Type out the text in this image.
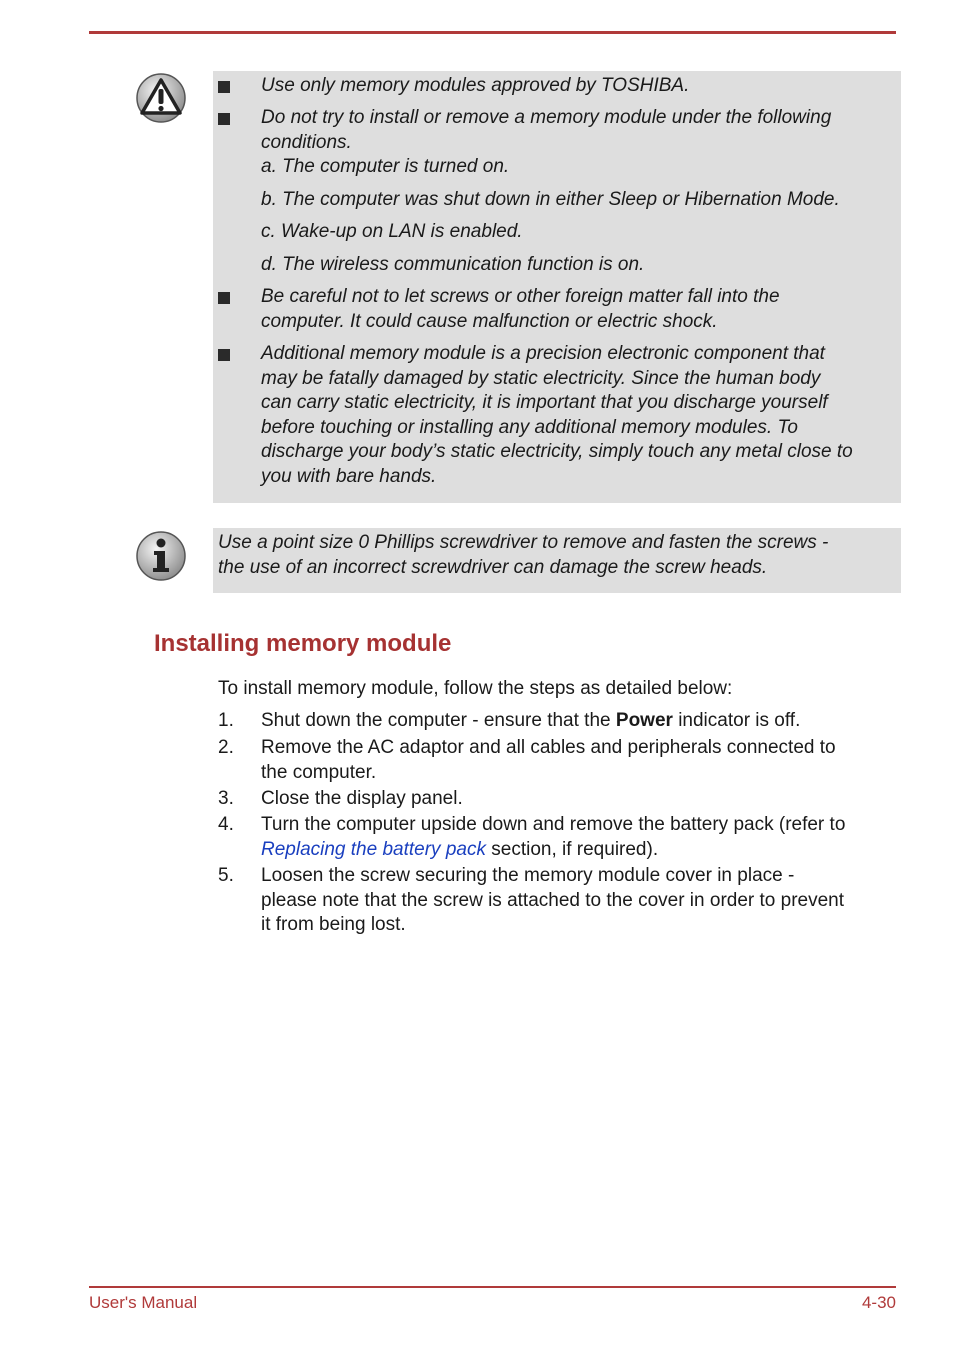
Use only memory modules approved by TOSHIBA.
Do not try to install or remove a memory module under the following
conditions.
a. The computer is turned on.
b. The computer was shut down in either Sleep or Hibernation Mode.
c. Wake-up on LAN is enabled.
d. The wireless communication function is on.
Be careful not to let screws or other foreign matter fall into the
computer. It could cause malfunction or electric shock.
Additional memory module is a precision electronic component that
may be fatally damaged by static electricity. Since the human body
can carry static electricity, it is important that you discharge yourself
before touching or installing any additional memory modules. To
discharge your body’s static electricity, simply touch any metal close to
you with bare hands.
Use a point size 0 Phillips screwdriver to remove and fasten the screws -
the use of an incorrect screwdriver can damage the screw heads.
Installing memory module
To install memory module, follow the steps as detailed below:
1. Shut down the computer - ensure that the Power indicator is off.
2. Remove the AC adaptor and all cables and peripherals connected to
the computer.
3. Close the display panel.
4. Turn the computer upside down and remove the battery pack (refer to
Replacing the battery pack section, if required).
5. Loosen the screw securing the memory module cover in place -
please note that the screw is attached to the cover in order to prevent
it from being lost.
User's Manual	4-30
